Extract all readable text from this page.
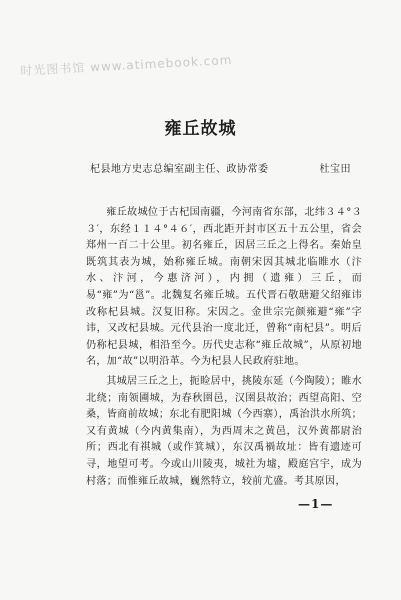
时光图书馆 www.atimebook.com
雍丘故城
杞县地方史志总编室副主任、政协常委	杜宝田

雍丘故城位于古杞国南疆，今河南省东部，北纬３４°３３′，东经１１４°４６′，西北距开封市区五十五公里，省会郑州一百二十公里。初名雍丘，因居三丘之上得名。秦始皇既筑其表为城，始称雍丘城。南朝宋因其城北临睢水（汴水、汴河，今惠济河），内拥（遗雍）三丘，而易“雍”为“邕”。北魏复名雍丘城。五代晋石敬瑭避父绍雍讳改称杞县城。汉复旧称。宋因之。金世宗完颜雍避“雍”字讳，又改杞县城。元代县治一度北迁，曾称“南杞县”。明后仍称杞县城，相沿至今。历代史志称“雍丘故城”，从原初地名，加“故”以明沿革。今为杞县人民政府驻地。

其城居三丘之上，扼睑居中，挑陵东延（今陶陵）；睢水北绕；南领圃城，为春秋圉邑，汉圉县故治；西望高阳、空桑，皆商前故城；东北有肥阳城（今西寨），禹治洪水所筑；又有黄城（今内黄集南），为西周末之黄邑，汉外黄都尉治所；西北有祺城（或作箕城），东汉禹禍故址：皆有遗迹可寻，地望可考。今或山川陵夷，城社为墟，殿庭宫宇，成为村落；而惟雍丘故城，巍然特立，较前尤盛。考其原因，

—1—
